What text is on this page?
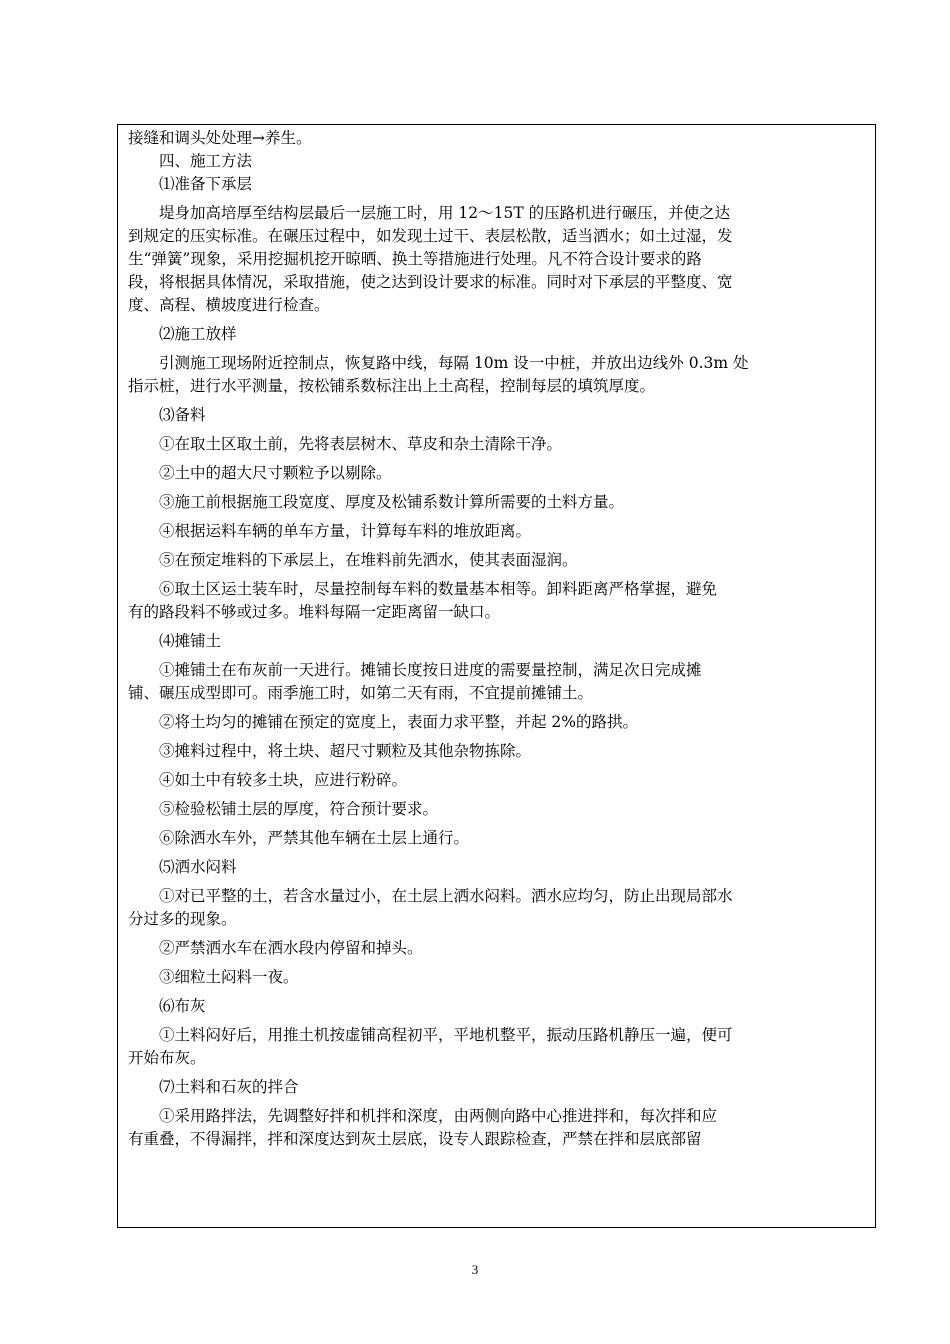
接缝和调头处处理→养生。
四、施工方法
⑴准备下承层
堤身加高培厚至结构层最后一层施工时，用 12～15T 的压路机进行碾压，并使之达
到规定的压实标准。在碾压过程中，如发现土过干、表层松散，适当洒水；如土过湿，发
生“弹簧”现象，采用挖掘机挖开晾晒、换土等措施进行处理。凡不符合设计要求的路
段，将根据具体情况，采取措施，使之达到设计要求的标准。同时对下承层的平整度、宽
度、高程、横坡度进行检查。
⑵施工放样
引测施工现场附近控制点，恢复路中线，每隔 10m 设一中桩，并放出边线外 0.3m 处
指示桩，进行水平测量，按松铺系数标注出上土高程，控制每层的填筑厚度。
⑶备料
①在取土区取土前，先将表层树木、草皮和杂土清除干净。
②土中的超大尺寸颗粒予以剔除。
③施工前根据施工段宽度、厚度及松铺系数计算所需要的土料方量。
④根据运料车辆的单车方量，计算每车料的堆放距离。
⑤在预定堆料的下承层上，在堆料前先洒水，使其表面湿润。
⑥取土区运土装车时，尽量控制每车料的数量基本相等。卸料距离严格掌握，避免
有的路段料不够或过多。堆料每隔一定距离留一缺口。
⑷摊铺土
①摊铺土在布灰前一天进行。摊铺长度按日进度的需要量控制，满足次日完成摊
铺、碾压成型即可。雨季施工时，如第二天有雨，不宜提前摊铺土。
②将土均匀的摊铺在预定的宽度上，表面力求平整，并起 2%的路拱。
③摊料过程中，将土块、超尺寸颗粒及其他杂物拣除。
④如土中有较多土块，应进行粉碎。
⑤检验松铺土层的厚度，符合预计要求。
⑥除洒水车外，严禁其他车辆在土层上通行。
⑸洒水闷料
①对已平整的土，若含水量过小，在土层上洒水闷料。洒水应均匀，防止出现局部水
分过多的现象。
②严禁洒水车在洒水段内停留和掉头。
③细粒土闷料一夜。
⑹布灰
①土料闷好后，用推土机按虚铺高程初平，平地机整平，振动压路机静压一遍，便可
开始布灰。
⑺土料和石灰的拌合
①采用路拌法，先调整好拌和机拌和深度，由两侧向路中心推进拌和，每次拌和应
有重叠，不得漏拌，拌和深度达到灰土层底，设专人跟踪检查，严禁在拌和层底部留
3
